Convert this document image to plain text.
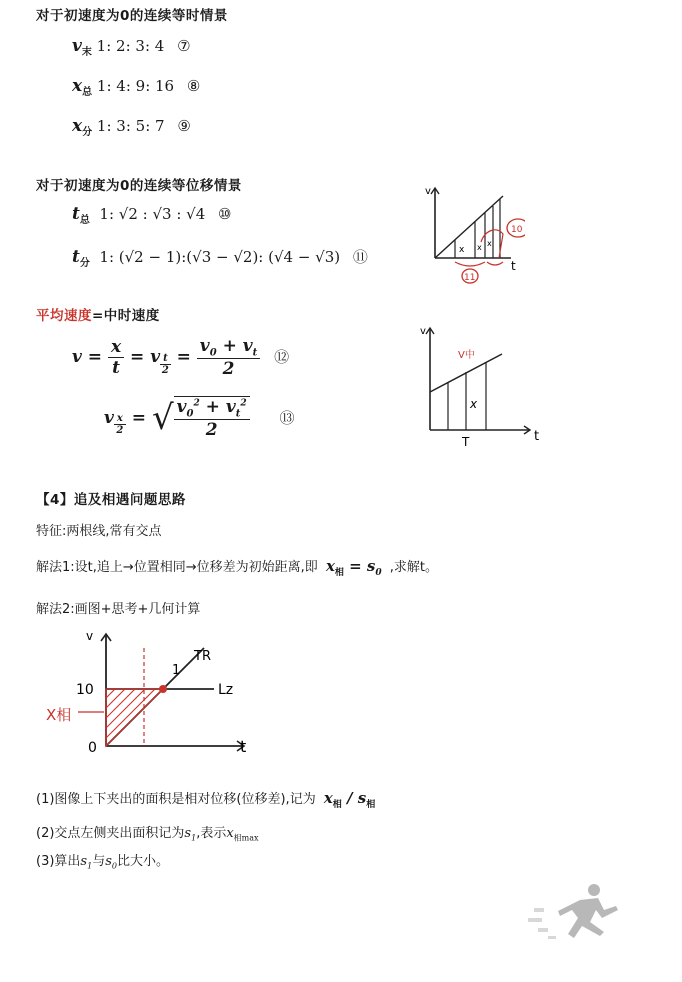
对于初速度为0的连续等时情景
$v_末$ 1: 2: 3: 4 ⑦
$x_总$ 1: 4: 9: 16 ⑧
$x_分$ 1: 3: 5: 7 ⑨
对于初速度为0的连续等位移情景
$t_总$ 1: √2 : √3 : √4 ⑩
$t_分$ 1: (√2 − 1):(√3 − √2): (√4 − √3) ⑪
v
t
x x x
10
11
平均速度=中时速度
$v = \frac{x}{t} = v$ $_{\frac{t}{2}} = \frac{v_0 + v_t}{2}$ ⑫
v $_{\frac{x}{2}}$ = √ $\frac{v_0^2 + v_t^2}{2}$ ⑬
v
t
V中
x
T
【4】追及相遇问题思路
特征:两根线,常有交点
解法1:设t,追上→位置相同→位移差为初始距离,即 $x_相 = s_0$ ,求解t。
解法2:画图+思考+几何计算
v
t
10
0
1
TR
Lz
X相
(1)图像上下夹出的面积是相对位移(位移差),记为 $x_相 / s_相$
(2)交点左侧夹出面积记为$s_1$,表示$x_{相max}$
(3)算出$s_1$与$s_0$比大小。
